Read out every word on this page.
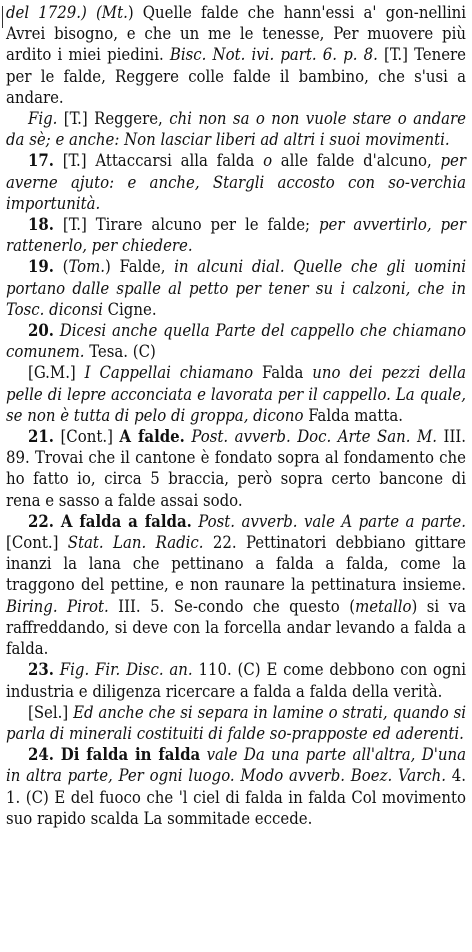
del 1729.) (Mt.) Quelle falde che hann'essi a' gon-nellini Avrei bisogno, e che un me le tenesse, Per muovere più ardito i miei piedini. Bisc. Not. ivi. part. 6. p. 8. [T.] Tenere per le falde, Reggere colle falde il bambino, che s'usi a andare.

Fig. [T.] Reggere, chi non sa o non vuole stare o andare da sè; e anche: Non lasciar liberi ad altri i suoi movimenti.

17. [T.] Attaccarsi alla falda o alle falde d'alcuno, per averne ajuto: e anche, Stargli accosto con so-verchia importunità.

18. [T.] Tirare alcuno per le falde; per avvertirlo, per rattenerlo, per chiedere.

19. (Tom.) Falde, in alcuni dial. Quelle che gli uomini portano dalle spalle al petto per tener su i calzoni, che in Tosc. diconsi Cigne.

20. Dicesi anche quella Parte del cappello che chiamano comunem. Tesa. (C)

[G.M.] I Cappellai chiamano Falda uno dei pezzi della pelle di lepre acconciata e lavorata per il cappello. La quale, se non è tutta di pelo di groppa, dicono Falda matta.

21. [Cont.] A falde. Post. avverb. Doc. Arte San. M. III. 89. Trovai che il cantone è fondato sopra al fondamento che ho fatto io, circa 5 braccia, però sopra certo bancone di rena e sasso a falde assai sodo.

22. A falda a falda. Post. avverb. vale A parte a parte. [Cont.] Stat. Lan. Radic. 22. Pettinatori debbiano gittare inanzi la lana che pettinano a falda a falda, come la traggono del pettine, e non raunare la pettinatura insieme. Biring. Pirot. III. 5. Se-condo che questo (metallo) si va raffreddando, si deve con la forcella andar levando a falda a falda.

23. Fig. Fir. Disc. an. 110. (C) E come debbono con ogni industria e diligenza ricercare a falda a falda della verità.

[Sel.] Ed anche che si separa in lamine o strati, quando si parla di minerali costituiti di falde so-prapposte ed aderenti.

24. Di falda in falda vale Da una parte all'altra, D'una in altra parte, Per ogni luogo. Modo avverb. Boez. Varch. 4. 1. (C) E del fuoco che 'l ciel di falda in falda Col movimento suo rapido scalda La sommitade eccede.
